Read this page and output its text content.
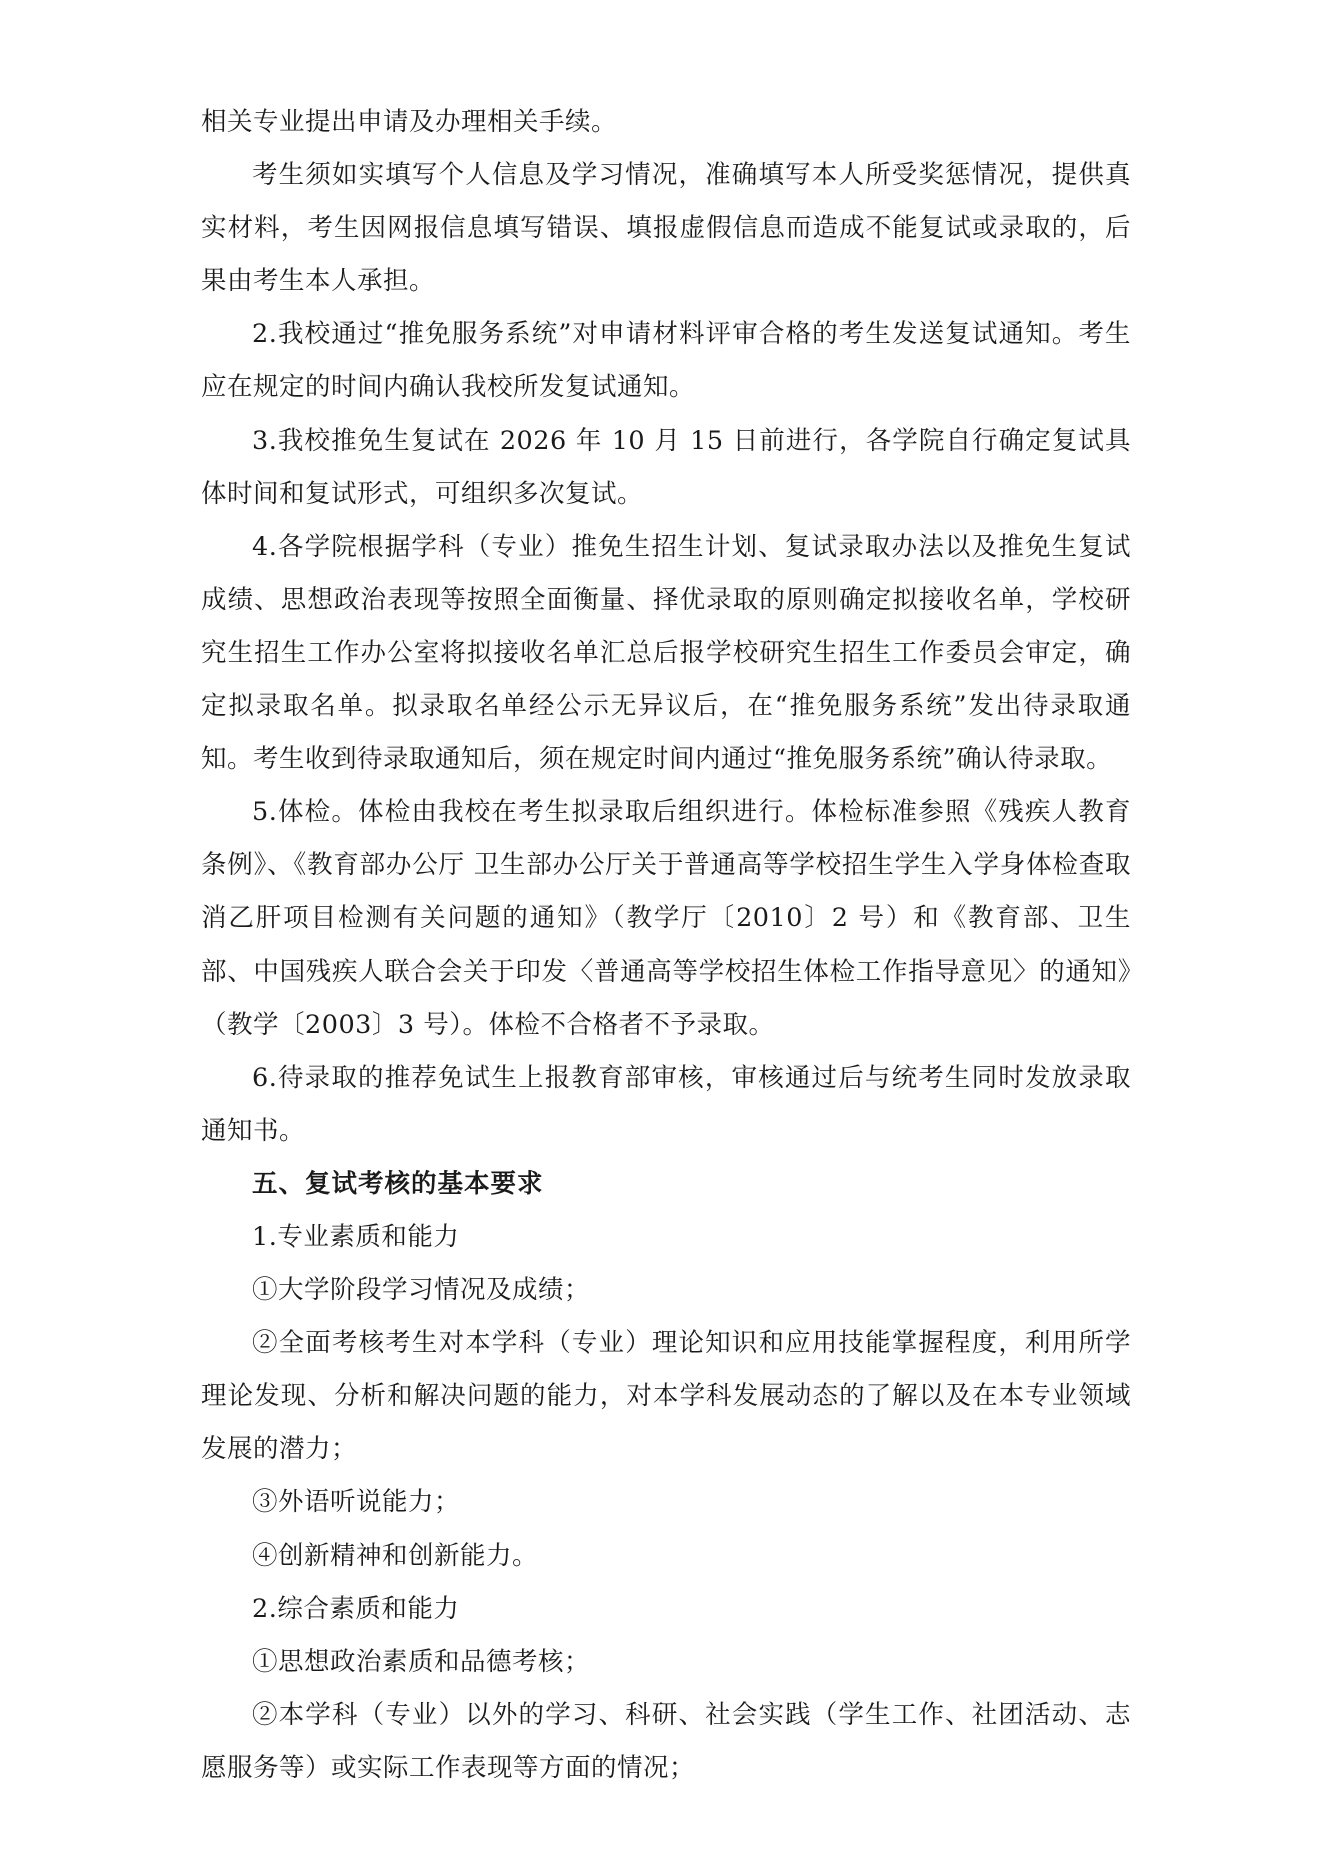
相关专业提出申请及办理相关手续。

考生须如实填写个人信息及学习情况，准确填写本人所受奖惩情况，提供真实材料，考生因网报信息填写错误、填报虚假信息而造成不能复试或录取的，后果由考生本人承担。

2.我校通过“推免服务系统”对申请材料评审合格的考生发送复试通知。考生应在规定的时间内确认我校所发复试通知。

3.我校推免生复试在 2026 年 10 月 15 日前进行，各学院自行确定复试具体时间和复试形式，可组织多次复试。

4.各学院根据学科（专业）推免生招生计划、复试录取办法以及推免生复试成绩、思想政治表现等按照全面衡量、择优录取的原则确定拟接收名单，学校研究生招生工作办公室将拟接收名单汇总后报学校研究生招生工作委员会审定，确定拟录取名单。拟录取名单经公示无异议后，在“推免服务系统”发出待录取通知。考生收到待录取通知后，须在规定时间内通过“推免服务系统”确认待录取。

5.体检。体检由我校在考生拟录取后组织进行。体检标准参照《残疾人教育条例》、《教育部办公厅 卫生部办公厅关于普通高等学校招生学生入学身体检查取消乙肝项目检测有关问题的通知》（教学厅〔2010〕2 号）和《教育部、卫生部、中国残疾人联合会关于印发〈普通高等学校招生体检工作指导意见〉的通知》（教学〔2003〕3 号）。体检不合格者不予录取。

6.待录取的推荐免试生上报教育部审核，审核通过后与统考生同时发放录取通知书。

五、复试考核的基本要求

1.专业素质和能力

①大学阶段学习情况及成绩；

②全面考核考生对本学科（专业）理论知识和应用技能掌握程度，利用所学理论发现、分析和解决问题的能力，对本学科发展动态的了解以及在本专业领域发展的潜力；

③外语听说能力；

④创新精神和创新能力。

2.综合素质和能力

①思想政治素质和品德考核；

②本学科（专业）以外的学习、科研、社会实践（学生工作、社团活动、志愿服务等）或实际工作表现等方面的情况；
